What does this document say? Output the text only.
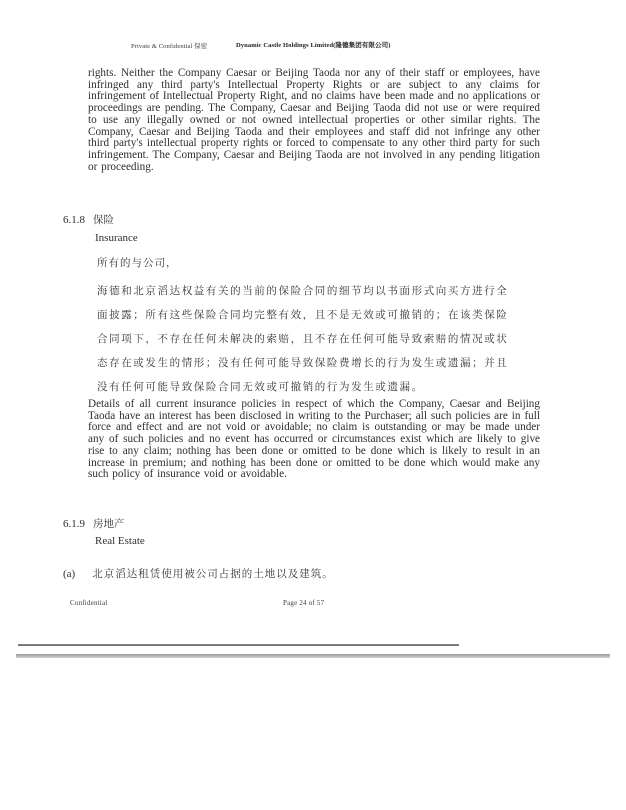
Private & Confidential 保密	Dynamic Castle Holdings Limited(隆德集团有限公司)
rights. Neither the Company Caesar or Beijing Taoda nor any of their staff or employees, have infringed any third party's Intellectual Property Rights or are subject to any claims for infringement of Intellectual Property Right, and no claims have been made and no applications or proceedings are pending. The Company, Caesar and Beijing Taoda did not use or were required to use any illegally owned or not owned intellectual properties or other similar rights. The Company, Caesar and Beijing Taoda and their employees and staff did not infringe any other third party's intellectual property rights or forced to compensate to any other third party for such infringement. The Company, Caesar and Beijing Taoda are not involved in any pending litigation or proceeding.
6.1.8 保险
Insurance
所有的与公司，
海德和北京滔达权益有关的当前的保险合同的细节均以书面形式向买方进行全
面披露；所有这些保险合同均完整有效，且不是无效或可撤销的；在该类保险
合同项下，不存在任何未解决的索赔，且不存在任何可能导致索赔的情况或状
态存在或发生的情形；没有任何可能导致保险费增长的行为发生或遗漏；并且
没有任何可能导致保险合同无效或可撤销的行为发生或遗漏。
Details of all current insurance policies in respect of which the Company, Caesar and Beijing Taoda have an interest has been disclosed in writing to the Purchaser; all such policies are in full force and effect and are not void or avoidable; no claim is outstanding or may be made under any of such policies and no event has occurred or circumstances exist which are likely to give rise to any claim; nothing has been done or omitted to be done which is likely to result in an increase in premium; and nothing has been done or omitted to be done which would make any such policy of insurance void or avoidable.
6.1.9 房地产
Real Estate
(a) 北京滔达租赁使用被公司占据的土地以及建筑。
Confidential	Page 24 of 57
